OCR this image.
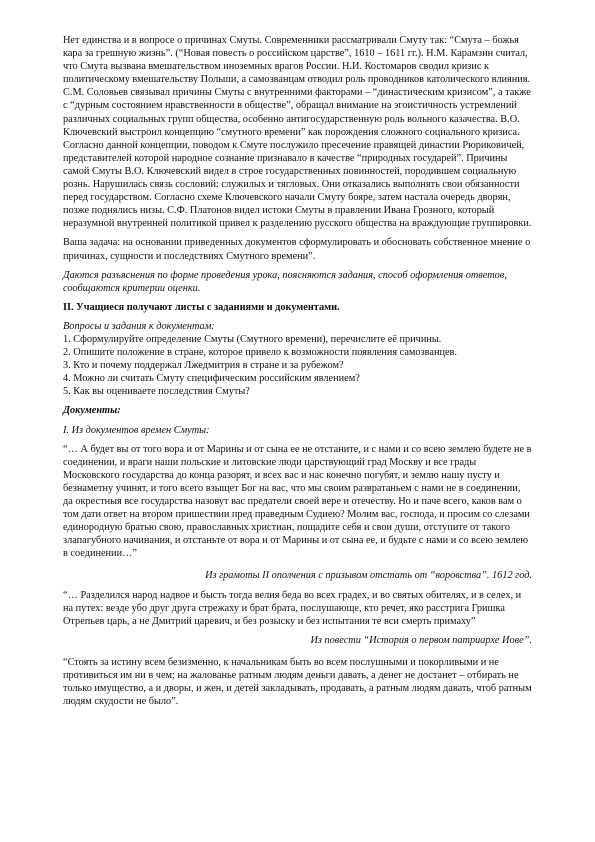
Нет единства и в вопросе о причинах Смуты. Современники рассматривали Смуту так: “Смута – божья кара за грешную жизнь”. (“Новая повесть о российском царстве”, 1610 – 1611 гг.). Н.М. Карамзин считал, что Смута вызвана вмешательством иноземных врагов России. Н.И. Костомаров сводил кризис к политическому вмешательству Польши, а самозванцам отводил роль проводников католического влияния. С.М. Соловьев связывал причины Смуты с внутренними факторами – “династическим кризисом”, а также с “дурным состоянием нравственности в обществе”, обращал внимание на эгоистичность устремлений различных социальных групп общества, особенно антигосударственную роль вольного казачества. В.О. Ключевский выстроил концепцию “смутного времени” как порождения сложного социального кризиса. Согласно данной концепции, поводом к Смуте послужило пресечение правящей династии Рюриковичей, представителей которой народное сознание признавало в качестве “природных государей”. Причины самой Смуты В.О. Ключевский видел в строе государственных повинностей, породившем социальную рознь. Нарушилась связь сословий: служилых и тягловых. Они отказались выполнять свои обязанности перед государством. Согласно схеме Ключевского начали Смуту бояре, затем настала очередь дворян, позже поднялись низы. С.Ф. Платонов видел истоки Смуты в правлении Ивана Грозного, который неразумной внутренней политикой привел к разделению русского общества на враждующие группировки.

Ваша задача: на основании приведенных документов сформулировать и обосновать собственное мнение о причинах, сущности и последствиях Смутного времени”.

Даются разъяснения по форме проведения урока, поясняются задания, способ оформления ответов, сообщаются критерии оценки.

II. Учащиеся получают листы с заданиями и документами.

Вопросы и задания к документам:

1. Сформулируйте определение Смуты (Смутного времени), перечислите её причины.
2. Опишите положение в стране, которое привело к возможности появления самозванцев.
3. Кто и почему поддержал Лжедмитрия в стране и за рубежом?
4. Можно ли считать Смуту специфическим российским явлением?
5. Как вы оцениваете последствия Смуты?

Документы:

I. Из документов времен Смуты:

“… А будет вы от того вора и от Марины и от сына ее не отстаните, и с нами и со всею землею будете не в соединении, и враги наши польские и литовские люди царствующий град Москву и все грады Московского государства до конца разорят, и всех вас и нас конечно погубят, и землю нашу пусту и безнаметну учинят, и того всего взыщет Бог на вас, что мы своим развратаньем с нами не в соединении, да окрестныя все государства назовут вас предатели своей вере и отечеству. Но и паче всего, каков вам о том дати ответ на втором пришествии пред праведным Судиею? Молим вас, господа, и просим со слезами единородную братью свою, православных христиан, пощадите себя и свои души, отступите от такого злапагубного начинания, и отстаньте от вора и от Марины и от сына ее, и будьте с нами и со всею землею в соединении…”

Из грамоты II ополчения с призывом отстать от “воровства”. 1612 год.

“… Разделился народ надвое и бысть тогда велия беда во всех градех, и во святых обителях, и в селех, и на путех: везде убо друг друга стрежаху и брат брата, послушающе, кто речет, яко расстрига Гришка Отрепьев царь, а не Дмитрий царевич, и без розыску и без испытания те вси смерть примаху”

Из повести “История о первом патриархе Иове”.

“Стоять за истину всем безизменно, к начальникам быть во всем послушными и покорливыми и не противиться им ни в чем; на жалованье ратным людям деньги давать, а денег не достанет – отбирать не только имущество, а и дворы, и жен, и детей закладывать, продавать, а ратным людям давать, чтоб ратным людям скудости не было”.
